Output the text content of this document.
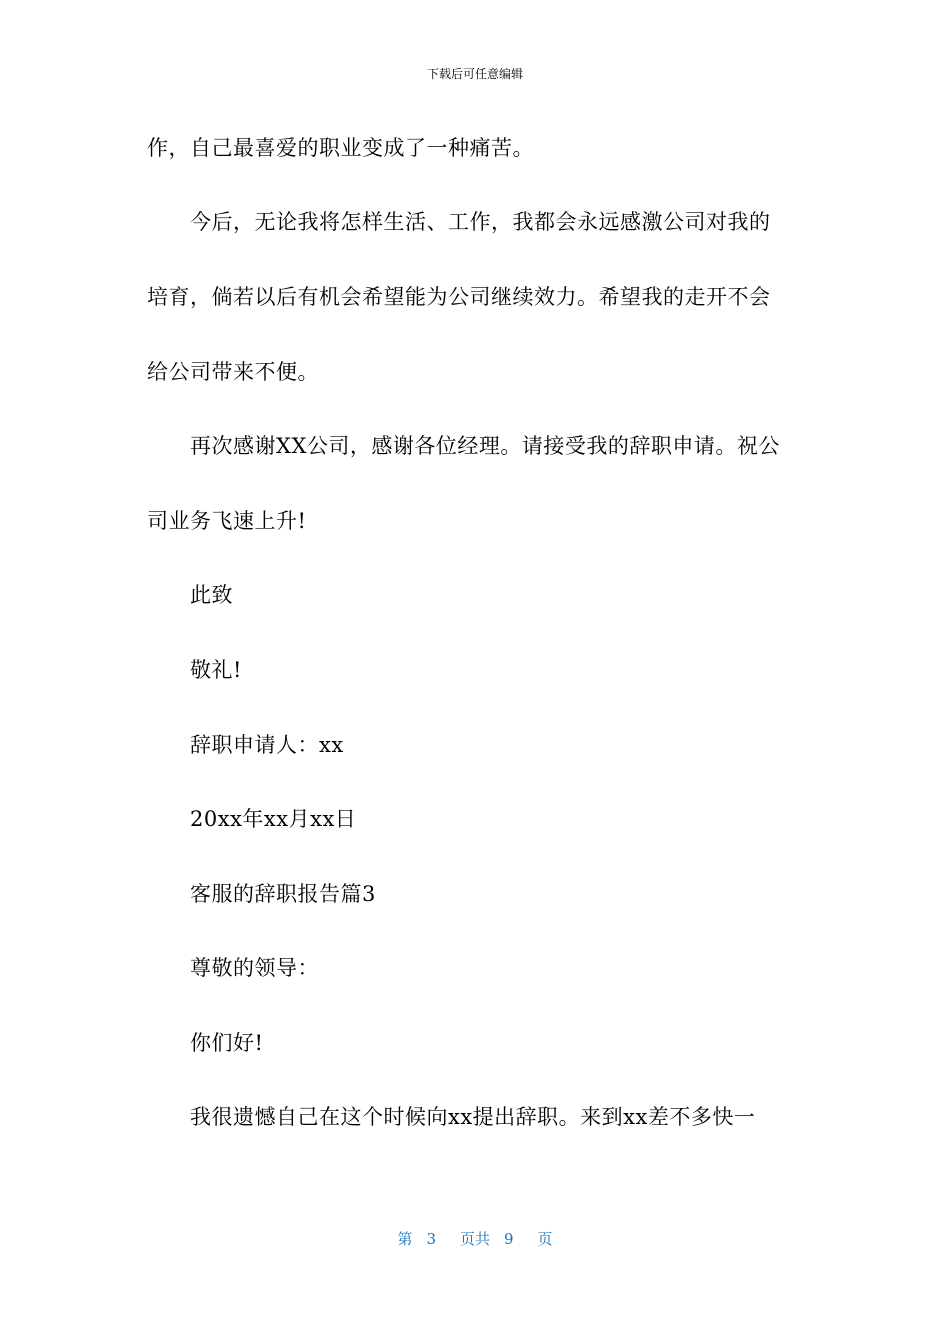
下载后可任意编辑
作，自己最喜爱的职业变成了一种痛苦。
　　今后，无论我将怎样生活、工作，我都会永远感激公司对我的
培育，倘若以后有机会希望能为公司继续效力。希望我的走开不会
给公司带来不便。
　　再次感谢XX公司，感谢各位经理。请接受我的辞职申请。祝公
司业务飞速上升!
　　此致
　　敬礼!
　　辞职申请人：xx
　　20xx年xx月xx日
　　客服的辞职报告篇3
　　尊敬的领导：
　　你们好!
　　我很遗憾自己在这个时候向xx提出辞职。来到xx差不多快一
第 3 页共 9 页
